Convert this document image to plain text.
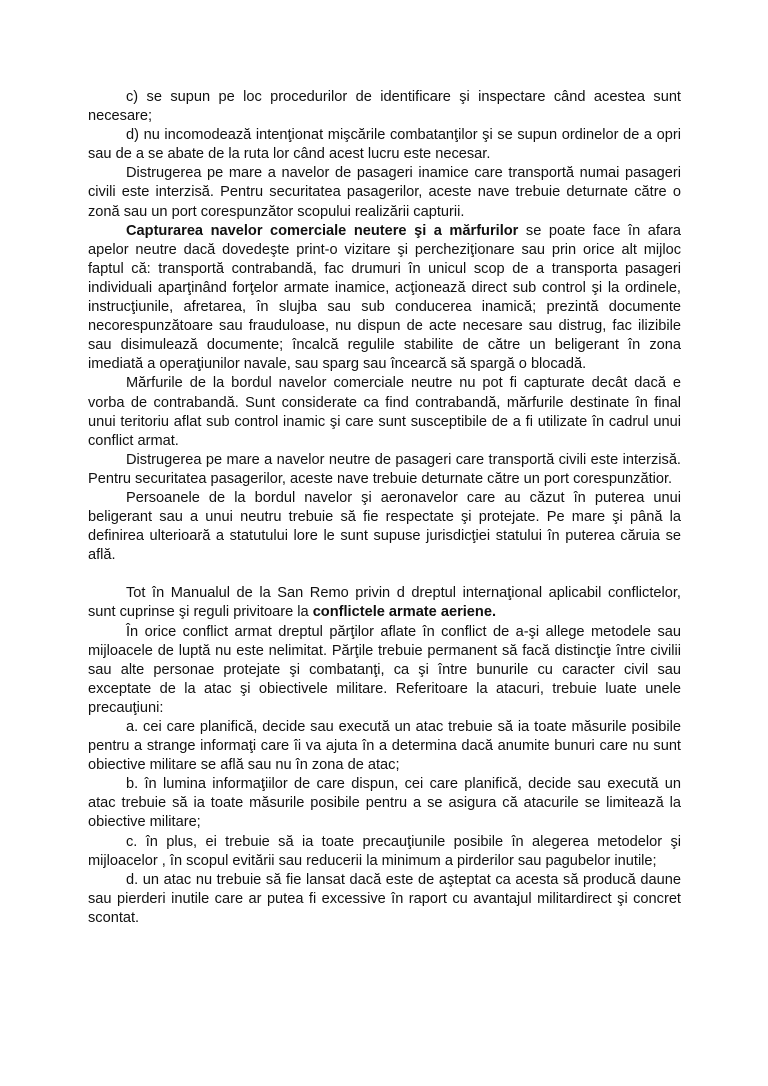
c) se supun pe loc procedurilor de identificare şi inspectare când acestea sunt necesare;

d) nu incomodează intenţionat mişcările combatanţilor şi se supun ordinelor de a opri sau de a se abate de la ruta lor când acest lucru este necesar.

Distrugerea pe mare a navelor de pasageri inamice care transportă numai pasageri civili este interzisă. Pentru securitatea pasagerilor, aceste nave trebuie deturnate către o zonă sau un port corespunzător scopului realizării capturii.

Capturarea navelor comerciale neutere şi a mărfurilor se poate face în afara apelor neutre dacă dovedeşte print-o vizitare şi percheziţionare sau prin orice alt mijloc faptul că: transportă contrabandă, fac drumuri în unicul scop de a transporta pasageri individuali aparţinând forţelor armate inamice, acţionează direct sub control şi la ordinele, instrucţiunile, afretarea, în slujba sau sub conducerea inamică; prezintă documente necorespunzătoare sau frauduloase, nu dispun de acte necesare sau distrug, fac ilizibile sau disimulează documente; încalcă regulile stabilite de către un beligerant în zona imediată a operaţiunilor navale, sau sparg sau încearcă să spargă o blocadă.

Mărfurile de la bordul navelor comerciale neutre nu pot fi capturate decât dacă e vorba de contrabandă. Sunt considerate ca find contrabandă, mărfurile destinate în final unui teritoriu aflat sub control inamic şi care sunt susceptibile de a fi utilizate în cadrul unui conflict armat.

Distrugerea pe mare a navelor neutre de pasageri care transportă civili este interzisă. Pentru securitatea pasagerilor, aceste nave trebuie deturnate către un port corespunzătior.

Persoanele de la bordul navelor şi aeronavelor care au căzut în puterea unui beligerant sau a unui neutru trebuie să fie respectate şi protejate. Pe mare şi până la definirea ulterioară a statutului lore le sunt supuse jurisdicţiei statului în puterea căruia se află.

Tot în Manualul de la San Remo privin d dreptul internaţional aplicabil conflictelor, sunt cuprinse şi reguli privitoare la conflictele armate aeriene.

În orice conflict armat dreptul părţilor aflate în conflict de a-şi allege metodele sau mijloacele de luptă nu este nelimitat. Părţile trebuie permanent să facă distincţie între civilii sau alte personae protejate şi combatanţi, ca şi între bunurile cu caracter civil sau exceptate de la atac şi obiectivele militare. Referitoare la atacuri, trebuie luate unele precauţiuni:

a. cei care planifică, decide sau execută un atac trebuie să ia toate măsurile posibile pentru a strange informaţi care îi va ajuta în a determina dacă anumite bunuri care nu sunt obiective militare se află sau nu în zona de atac;

b. în lumina informaţiilor de care dispun, cei care planifică, decide sau execută un atac trebuie să ia toate măsurile posibile pentru a se asigura că atacurile se limitează la obiective militare;

c. în plus, ei trebuie să ia toate precauţiunile posibile în alegerea metodelor şi mijloacelor , în scopul evitării sau reducerii la minimum a pirderilor sau pagubelor inutile;

d. un atac nu trebuie să fie lansat dacă este de aşteptat ca acesta să producă daune sau pierderi inutile care ar putea fi excessive în raport cu avantajul militardirect şi concret scontat.
